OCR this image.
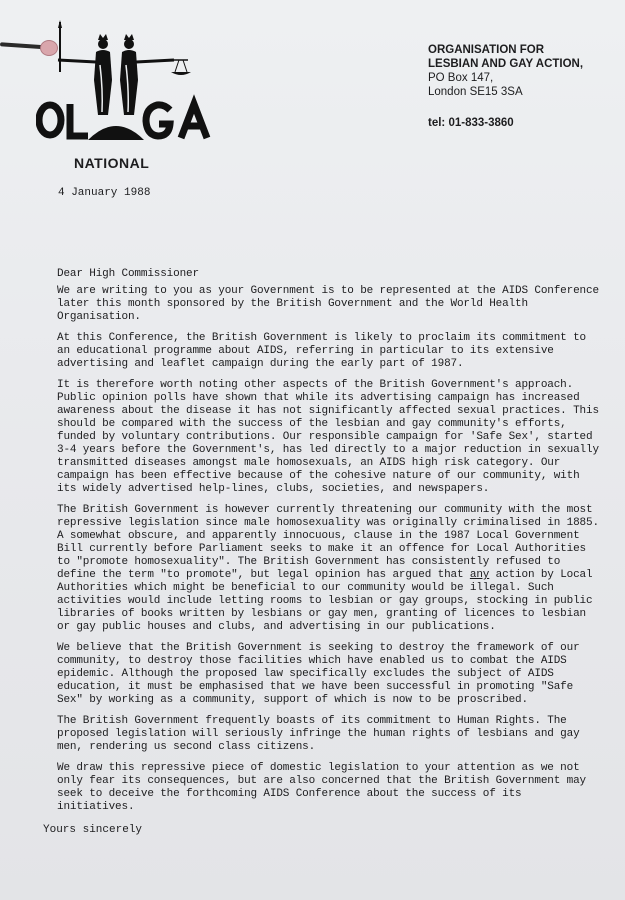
NATIONAL
ORGANISATION FOR
LESBIAN AND GAY ACTION,
PO Box 147,
London SE15 3SA
tel: 01-833-3860
4 January 1988

Dear High Commissioner

We are writing to you as your Government is to be represented at the AIDS Conference later this month sponsored by the British Government and the World Health Organisation.

At this Conference, the British Government is likely to proclaim its commitment to an educational programme about AIDS, referring in particular to its extensive advertising and leaflet campaign during the early part of 1987.

It is therefore worth noting other aspects of the British Government's approach. Public opinion polls have shown that while its advertising campaign has increased awareness about the disease it has not significantly affected sexual practices. This should be compared with the success of the lesbian and gay community's efforts, funded by voluntary contributions. Our responsible campaign for 'Safe Sex', started 3-4 years before the Government's, has led directly to a major reduction in sexually transmitted diseases amongst male homosexuals, an AIDS high risk category. Our campaign has been effective because of the cohesive nature of our community, with its widely advertised help-lines, clubs, societies, and newspapers.

The British Government is however currently threatening our community with the most repressive legislation since male homosexuality was originally criminalised in 1885. A somewhat obscure, and apparently innocuous, clause in the 1987 Local Government Bill currently before Parliament seeks to make it an offence for Local Authorities to "promote homosexuality". The British Government has consistently refused to define the term "to promote", but legal opinion has argued that any action by Local Authorities which might be beneficial to our community would be illegal. Such activities would include letting rooms to lesbian or gay groups, stocking in public libraries of books written by lesbians or gay men, granting of licences to lesbian or gay public houses and clubs, and advertising in our publications.

We believe that the British Government is seeking to destroy the framework of our community, to destroy those facilities which have enabled us to combat the AIDS epidemic. Although the proposed law specifically excludes the subject of AIDS education, it must be emphasised that we have been successful in promoting "Safe Sex" by working as a community, support of which is now to be proscribed.

The British Government frequently boasts of its commitment to Human Rights. The proposed legislation will seriously infringe the human rights of lesbians and gay men, rendering us second class citizens.

We draw this repressive piece of domestic legislation to your attention as we not only fear its consequences, but are also concerned that the British Government may seek to deceive the forthcoming AIDS Conference about the success of its initiatives.

Yours sincerely
